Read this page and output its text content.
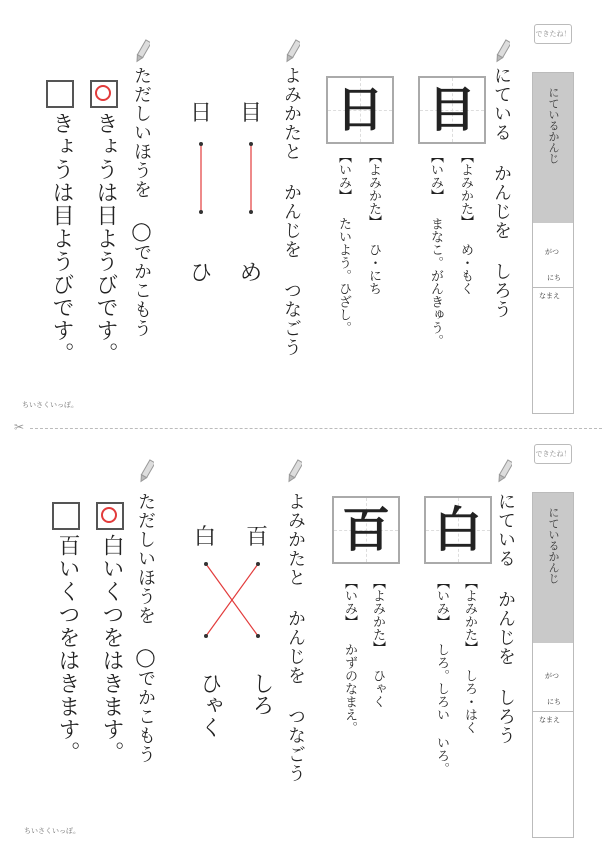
できたね！
にているかんじ
がつ
にち
なまえ
にている かんじを しろう
目
【よみかた】 め・もく
【いみ】 まなこ。がんきゅう。
日
【よみかた】 ひ・にち
【いみ】 たいよう。ひざし。
よみかたと かんじを つなごう
目
日
め
ひ
ただしいほうを ◯でかこもう
きょうは日ようびです。
きょうは目ようびです。
ちいさくいっぽ。
✂
できたね！
にているかんじ
がつ
にち
なまえ
にている かんじを しろう
白
【よみかた】 しろ・はく
【いみ】 しろ。しろい いろ。
百
【よみかた】 ひゃく
【いみ】 かずのなまえ。
よみかたと かんじを つなごう
百
白
しろ
ひゃく
ただしいほうを ◯でかこもう
白いくつをはきます。
百いくつをはきます。
ちいさくいっぽ。
